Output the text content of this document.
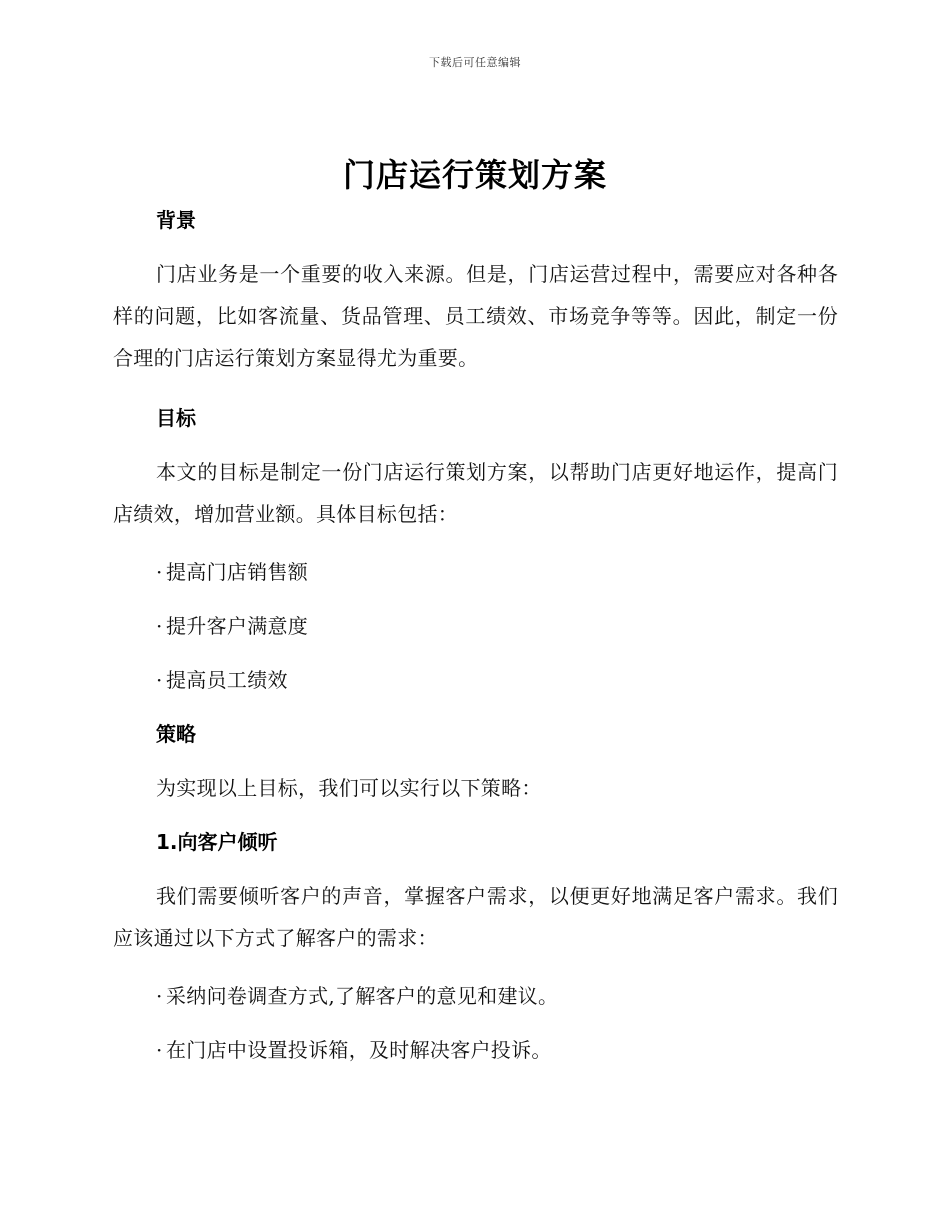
下载后可任意编辑
门店运行策划方案
背景

门店业务是一个重要的收入来源。但是，门店运营过程中，需要应对各种各样的问题，比如客流量、货品管理、员工绩效、市场竞争等等。因此，制定一份合理的门店运行策划方案显得尤为重要。

目标

本文的目标是制定一份门店运行策划方案，以帮助门店更好地运作，提高门店绩效，增加营业额。具体目标包括：

· 提高门店销售额
· 提升客户满意度
· 提高员工绩效
策略
为实现以上目标，我们可以实行以下策略：
1.向客户倾听

我们需要倾听客户的声音，掌握客户需求，以便更好地满足客户需求。我们应该通过以下方式了解客户的需求：

· 采纳问卷调查方式,了解客户的意见和建议。
· 在门店中设置投诉箱，及时解决客户投诉。
